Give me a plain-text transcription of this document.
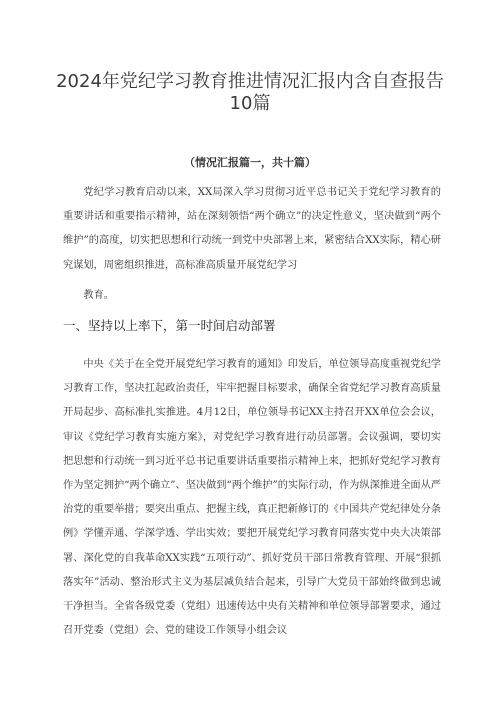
2024年党纪学习教育推进情况汇报内含自查报告10篇

（情况汇报篇一，共十篇）

党纪学习教育启动以来，XX局深入学习贯彻习近平总书记关于党纪学习教育的重要讲话和重要指示精神，站在深刻领悟“两个确立”的决定性意义，坚决做到“两个维护”的高度，切实把思想和行动统一到党中央部署上来，紧密结合XX实际，精心研究谋划，周密组织推进，高标准高质量开展党纪学习

教育。

一、坚持以上率下，第一时间启动部署

中央《关于在全党开展党纪学习教育的通知》印发后，单位领导高度重视党纪学习教育工作，坚决扛起政治责任，牢牢把握目标要求，确保全省党纪学习教育高质量开局起步、高标准扎实推进。4月12日，单位领导书记XX主持召开XX单位会会议，审议《党纪学习教育实施方案》，对党纪学习教育进行动员部署。会议强调，要切实把思想和行动统一到习近平总书记重要讲话重要指示精神上来，把抓好党纪学习教育作为坚定拥护“两个确立”、坚决做到“两个维护”的实际行动，作为纵深推进全面从严治党的重要举措；要突出重点、把握主线，真正把新修订的《中国共产党纪律处分条例》学懂弄通、学深学透、学出实效；要把开展党纪学习教育同落实党中央大决策部署、深化党的自我革命XX实践“五项行动”、抓好党员干部日常教育管理、开展“狠抓落实年”活动、整治形式主义为基层减负结合起来，引导广大党员干部始终做到忠诚干净担当。全省各级党委（党组）迅速传达中央有关精神和单位领导部署要求，通过召开党委（党组）会、党的建设工作领导小组会议
